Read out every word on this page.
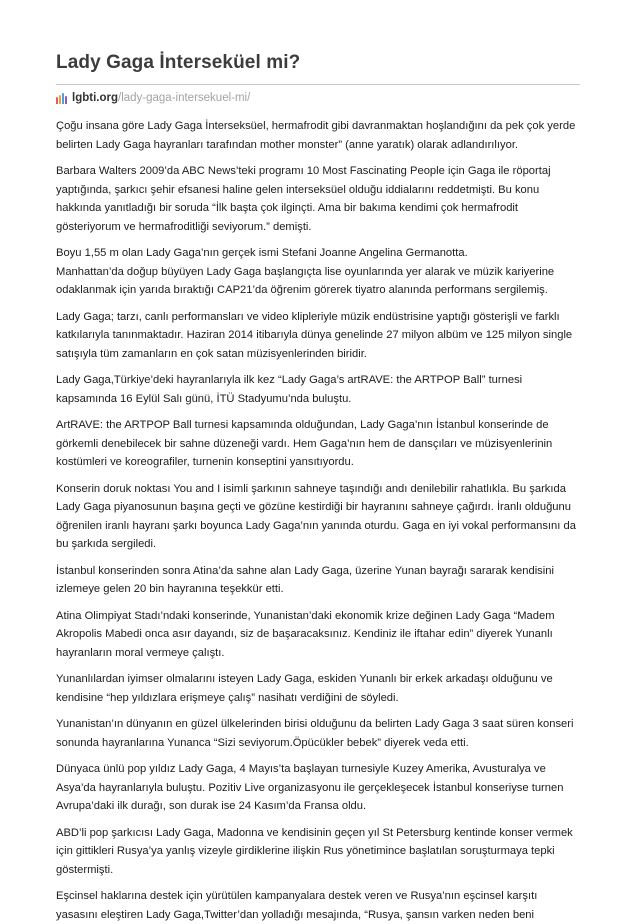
Lady Gaga İnterseküel mi?
lgbti.org/lady-gaga-intersekuel-mi/

Çoğu insana göre Lady Gaga İnterseksüel, hermafrodit gibi davranmaktan hoşlandığını da pek çok yerde belirten Lady Gaga hayranları tarafından mother monster” (anne yaratık) olarak adlandırılıyor.

Barbara Walters 2009’da ABC News’teki programı 10 Most Fascinating People için Gaga ile röportaj yaptığında, şarkıcı şehir efsanesi haline gelen interseksüel olduğu iddialarını reddetmişti. Bu konu hakkında yanıtladığı bir soruda “İlk başta çok ilginçti. Ama bir bakıma kendimi çok hermafrodit gösteriyorum ve hermafroditliği seviyorum.” demişti.

Boyu 1,55 m olan Lady Gaga’nın gerçek ismi Stefani Joanne Angelina Germanotta.
Manhattan’da doğup büyüyen Lady Gaga başlangıçta lise oyunlarında yer alarak ve müzik kariyerine odaklanmak için yarıda bıraktığı CAP21’da öğrenim görerek tiyatro alanında performans sergilemiş.

Lady Gaga; tarzı, canlı performansları ve video klipleriyle müzik endüstrisine yaptığı gösterişli ve farklı katkılarıyla tanınmaktadır. Haziran 2014 itibarıyla dünya genelinde 27 milyon albüm ve 125 milyon single satışıyla tüm zamanların en çok satan müzisyenlerinden biridir.

Lady Gaga,Türkiye’deki hayranlarıyla ilk kez “Lady Gaga’s artRAVE: the ARTPOP Ball” turnesi kapsamında 16 Eylül Salı günü, İTÜ Stadyumu’nda buluştu.

ArtRAVE: the ARTPOP Ball turnesi kapsamında olduğundan, Lady Gaga’nın İstanbul konserinde de görkemli denebilecek bir sahne düzeneği vardı. Hem Gaga’nın hem de dansçıları ve müzisyenlerinin kostümleri ve koreografiler, turnenin konseptini yansıtıyordu.

Konserin doruk noktası You and I isimli şarkının sahneye taşındığı andı denilebilir rahatlıkla. Bu şarkıda Lady Gaga piyanosunun başına geçti ve gözüne kestirdiği bir hayranını sahneye çağırdı. İranlı olduğunu öğrenilen iranlı hayranı şarkı boyunca Lady Gaga’nın yanında oturdu. Gaga en iyi vokal performansını da bu şarkıda sergiledi.

İstanbul konserinden sonra Atina’da sahne alan Lady Gaga, üzerine Yunan bayrağı sararak kendisini izlemeye gelen 20 bin hayranına teşekkür etti.

Atina Olimpiyat Stadı’ndaki konserinde, Yunanistan’daki ekonomik krize değinen Lady Gaga “Madem Akropolis Mabedi onca asır dayandı, siz de başaracaksınız. Kendiniz ile iftahar edin” diyerek Yunanlı hayranların moral vermeye çalıştı.

Yunanlılardan iyimser olmalarını isteyen Lady Gaga, eskiden Yunanlı bir erkek arkadaşı olduğunu ve kendisine “hep yıldızlara erişmeye çalış” nasihatı verdiğini de söyledi.

Yunanistan’ın dünyanın en güzel ülkelerinden birisi olduğunu da belirten Lady Gaga 3 saat süren konseri sonunda hayranlarına Yunanca “Sizi seviyorum.Öpücükler bebek” diyerek veda etti.

Dünyaca ünlü pop yıldız Lady Gaga, 4 Mayıs’ta başlayan turnesiyle Kuzey Amerika, Avusturalya ve Asya’da hayranlarıyla buluştu. Pozitiv Live organizasyonu ile gerçekleşecek İstanbul konseriyse turnen Avrupa’daki ilk durağı, son durak ise 24 Kasım’da Fransa oldu.

ABD’li pop şarkıcısı Lady Gaga, Madonna ve kendisinin geçen yıl St Petersburg kentinde konser vermek için gittikleri Rusya’ya yanlış vizeyle girdiklerine ilişkin Rus yönetimince başlatılan soruşturmaya tepki göstermişti.

Eşcinsel haklarına destek için yürütülen kampanyalara destek veren ve Rusya’nın eşcinsel karşıtı yasasını eleştiren Lady Gaga,Twitter’dan yolladığı mesajında, “Rusya, şansın varken neden beni
